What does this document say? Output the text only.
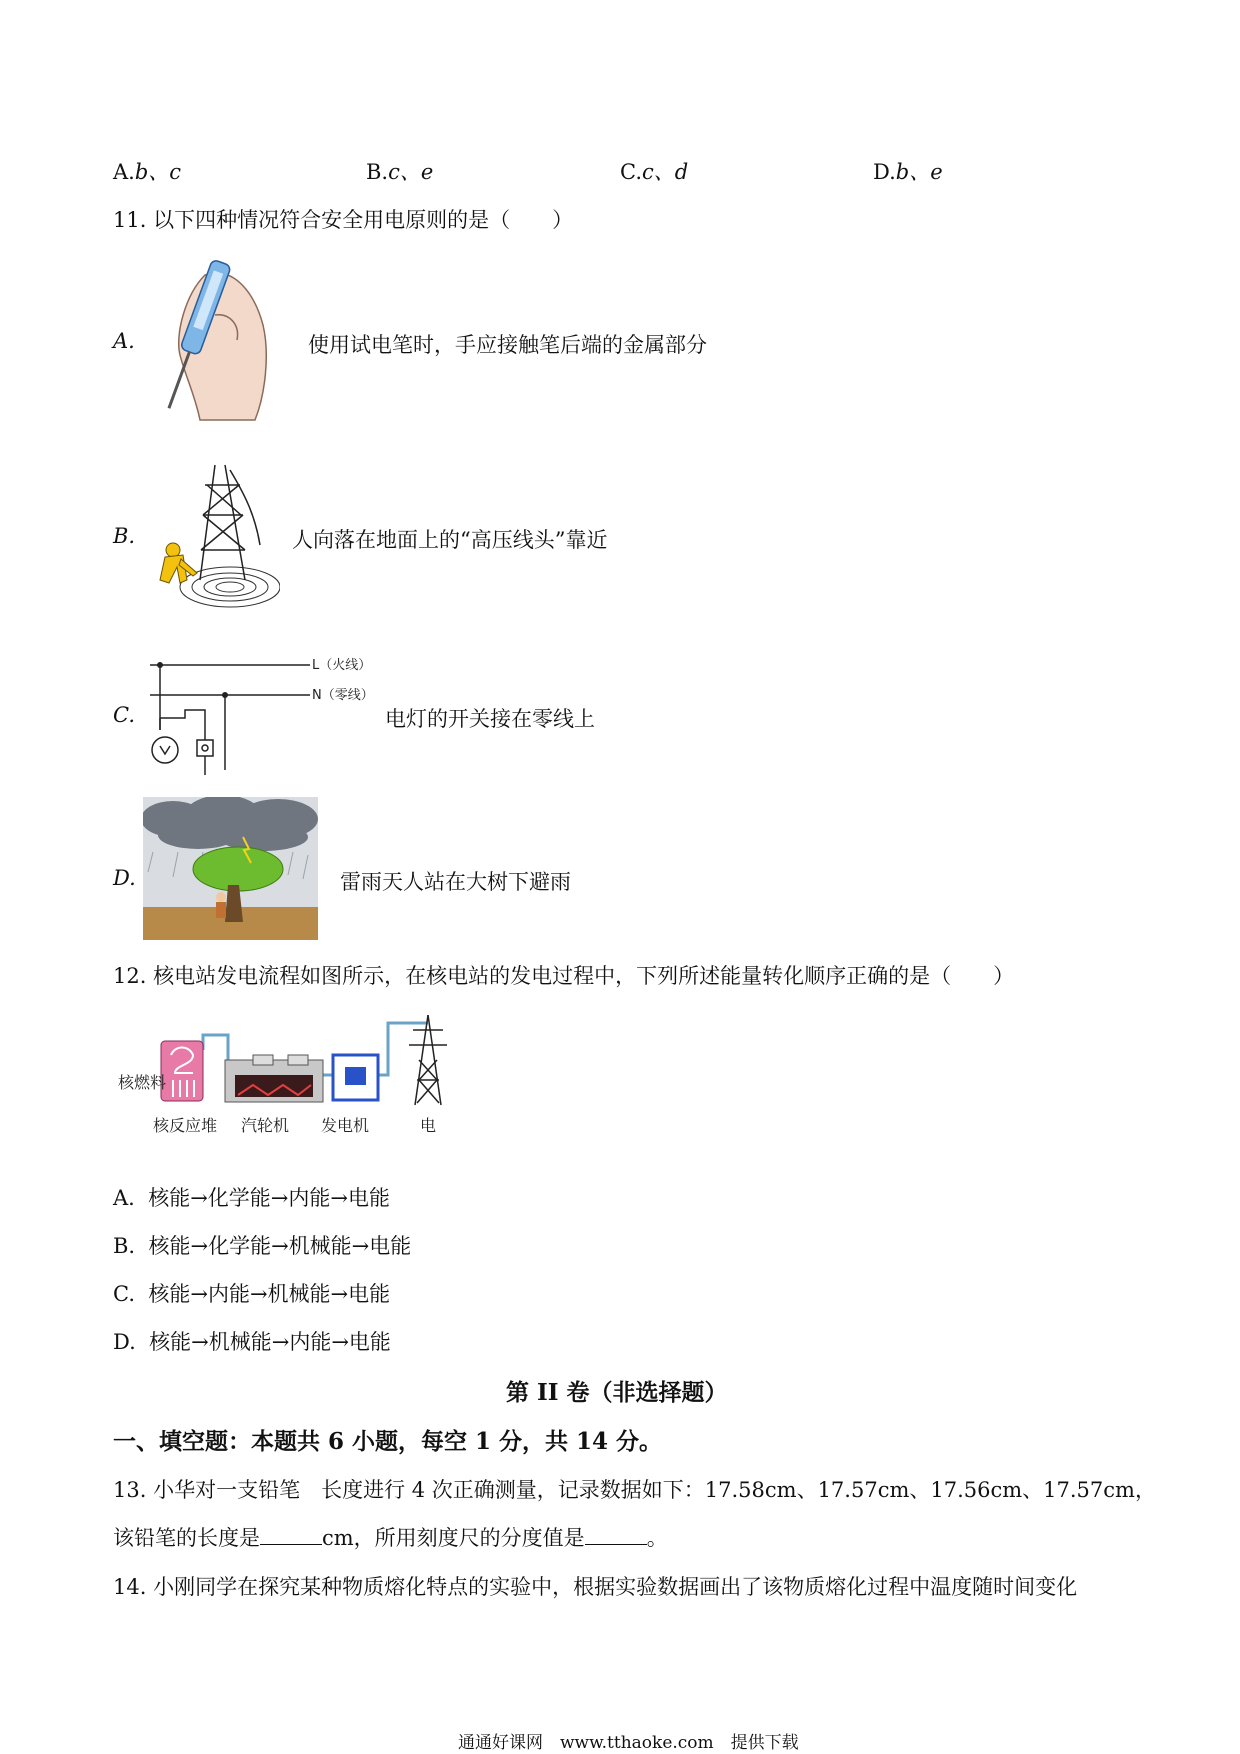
A.b、c	B.c、e	C.c、d	D.b、e
11. 以下四种情况符合安全用电原则的是（　　）
A.	使用试电笔时，手应接触笔后端的金属部分
B.	人向落在地面上的“高压线头”靠近
C.
L（火线）
N（零线）
电灯的开关接在零线上
D.	雷雨天人站在大树下避雨
12. 核电站发电流程如图所示，在核电站的发电过程中，下列所述能量转化顺序正确的是（　　）
核燃料
核反应堆 汽轮机 发电机	电
A. 核能→化学能→内能→电能
B. 核能→化学能→机械能→电能
C. 核能→内能→机械能→电能
D. 核能→机械能→内能→电能
第 II 卷（非选择题）
一、填空题：本题共 6 小题，每空 1 分，共 14 分。
13. 小华对一支铅笔　长度进行 4 次正确测量，记录数据如下：17.58cm、17.57cm、17.56cm、17.57cm，
该铅笔的长度是	cm，所用刻度尺的分度值是	。
14. 小刚同学在探究某种物质熔化特点的实验中，根据实验数据画出了该物质熔化过程中温度随时间变化
通通好课网　www.tthaoke.com　提供下载
